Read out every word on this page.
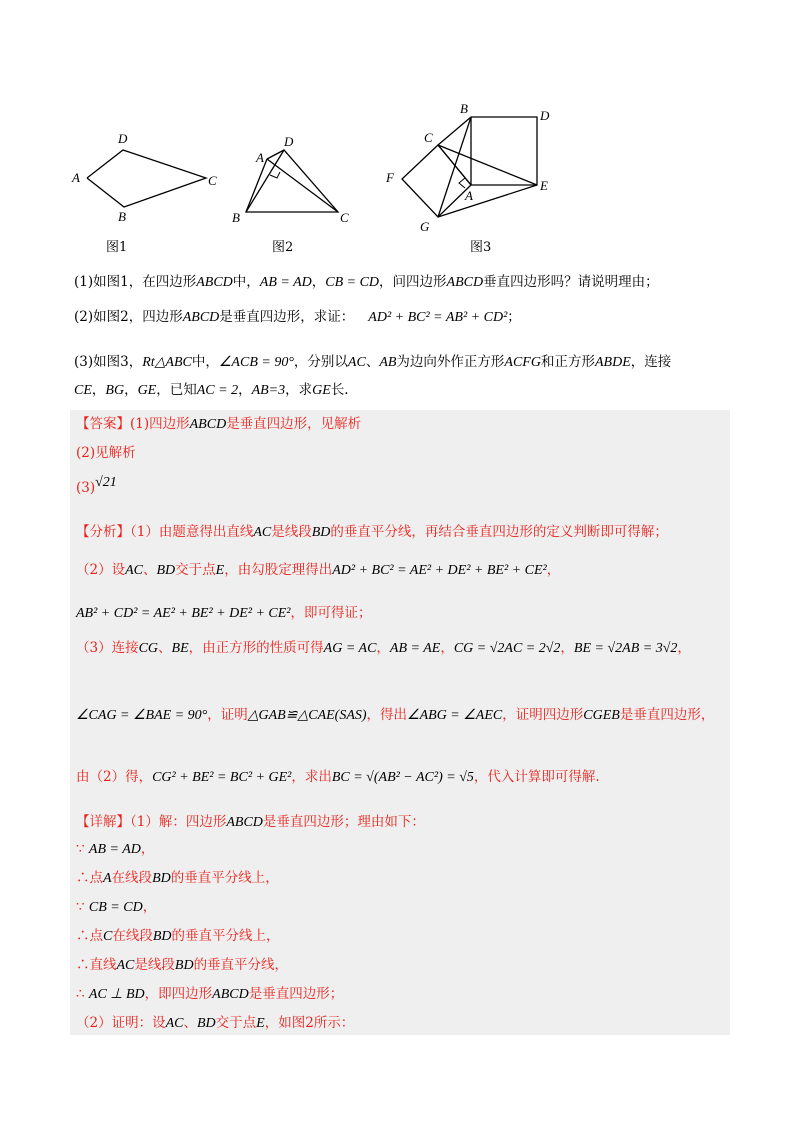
A
D
C
B
图1
A
D
B	C
图2
B	D
C
F
E
A
G
图3
(1)如图1，在四边形ABCD中，AB = AD，CB = CD，问四边形ABCD垂直四边形吗？请说明理由；
(2)如图2，四边形ABCD是垂直四边形，求证： AD² + BC² = AB² + CD²；
(3)如图3，Rt△ABC中，∠ACB = 90°，分别以AC、AB为边向外作正方形ACFG和正方形ABDE，连接
CE，BG，GE，已知AC = 2，AB=3，求GE长.
【答案】(1)四边形ABCD是垂直四边形，见解析
(2)见解析
(3)√21
【分析】（1）由题意得出直线AC是线段BD的垂直平分线，再结合垂直四边形的定义判断即可得解；
（2）设AC、BD交于点E，由勾股定理得出AD² + BC² = AE² + DE² + BE² + CE²，
AB² + CD² = AE² + BE² + DE² + CE²，即可得证；
（3）连接CG、BE，由正方形的性质可得AG = AC，AB = AE，CG = √2AC = 2√2，BE = √2AB = 3√2，
∠CAG = ∠BAE = 90°，证明△GAB≌△CAE(SAS)，得出∠ABG = ∠AEC，证明四边形CGEB是垂直四边形，
由（2）得，CG² + BE² = BC² + GE²，求出BC = √(AB² − AC²) = √5，代入计算即可得解.
【详解】（1）解：四边形ABCD是垂直四边形；理由如下：
∵ AB = AD，
∴点A在线段BD的垂直平分线上，
∵ CB = CD，
∴点C在线段BD的垂直平分线上，
∴直线AC是线段BD的垂直平分线，
∴ AC ⊥ BD，即四边形ABCD是垂直四边形；
（2）证明：设AC、BD交于点E，如图2所示：
